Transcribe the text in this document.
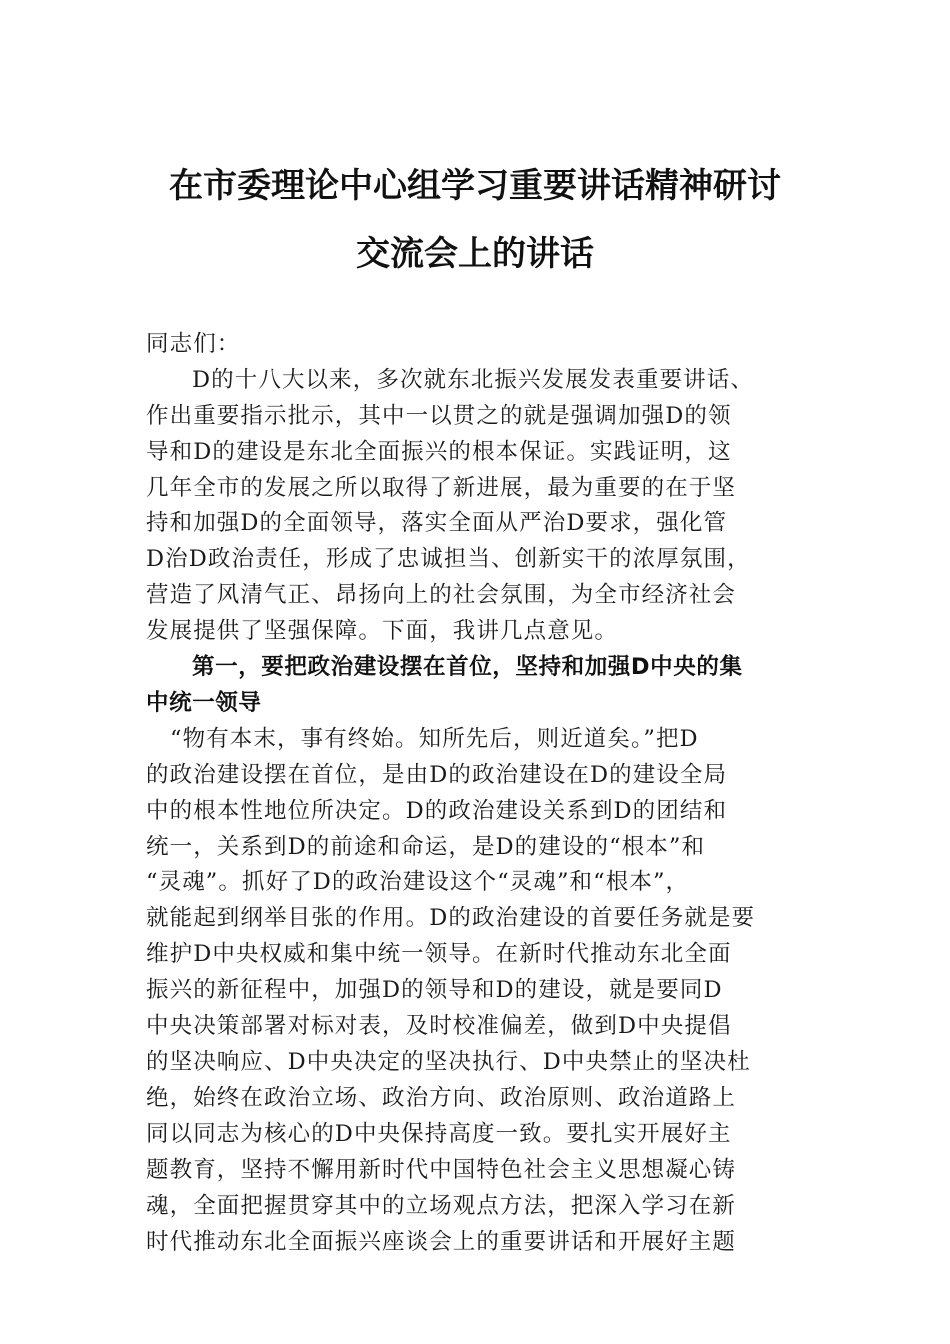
在市委理论中心组学习重要讲话精神研讨
交流会上的讲话
同志们：
D的十八大以来，多次就东北振兴发展发表重要讲话、
作出重要指示批示，其中一以贯之的就是强调加强D的领
导和D的建设是东北全面振兴的根本保证。实践证明，这
几年全市的发展之所以取得了新进展，最为重要的在于坚
持和加强D的全面领导，落实全面从严治D要求，强化管
D治D政治责任，形成了忠诚担当、创新实干的浓厚氛围，
营造了风清气正、昂扬向上的社会氛围，为全市经济社会
发展提供了坚强保障。下面，我讲几点意见。
第一，要把政治建设摆在首位，坚持和加强D中央的集
中统一领导
“物有本末，事有终始。知所先后，则近道矣。”把D
的政治建设摆在首位，是由D的政治建设在D的建设全局
中的根本性地位所决定。D的政治建设关系到D的团结和
统一，关系到D的前途和命运，是D的建设的“根本”和
“灵魂”。抓好了D的政治建设这个“灵魂”和“根本”，
就能起到纲举目张的作用。D的政治建设的首要任务就是要
维护D中央权威和集中统一领导。在新时代推动东北全面
振兴的新征程中，加强D的领导和D的建设，就是要同D
中央决策部署对标对表，及时校准偏差，做到D中央提倡
的坚决响应、D中央决定的坚决执行、D中央禁止的坚决杜
绝，始终在政治立场、政治方向、政治原则、政治道路上
同以同志为核心的D中央保持高度一致。要扎实开展好主
题教育，坚持不懈用新时代中国特色社会主义思想凝心铸
魂，全面把握贯穿其中的立场观点方法，把深入学习在新
时代推动东北全面振兴座谈会上的重要讲话和开展好主题
